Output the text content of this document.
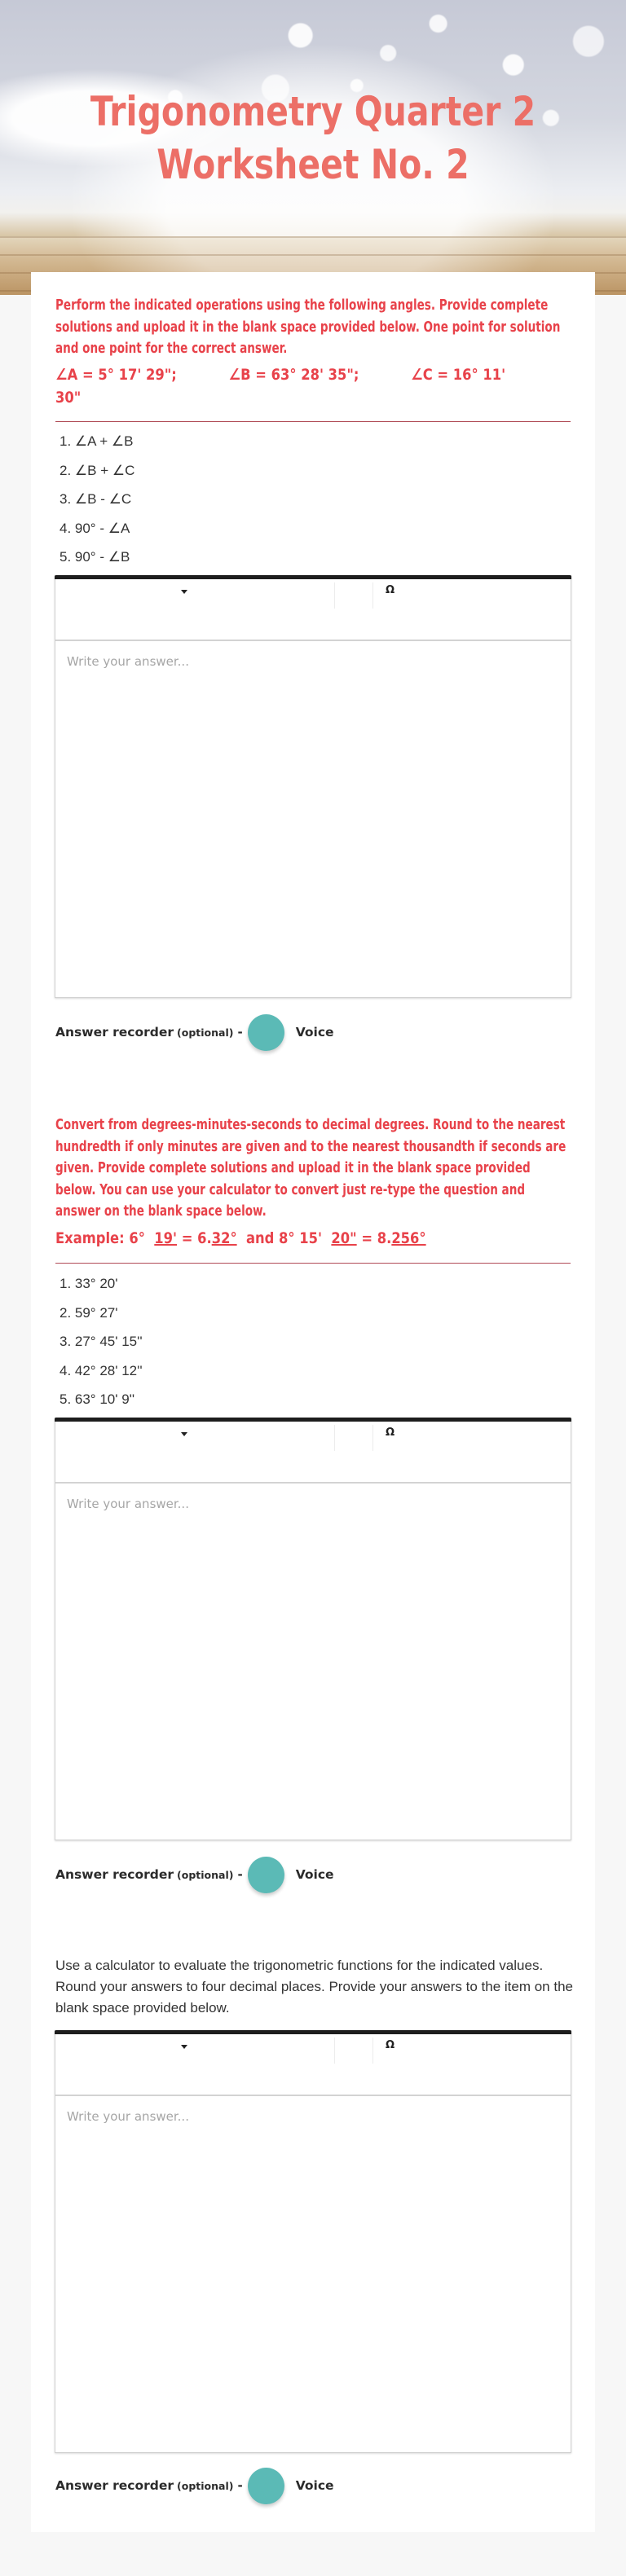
Trigonometry Quarter 2
Worksheet No. 2
Perform the indicated operations using the following angles. Provide complete solutions and upload it in the blank space provided below. One point for solution and one point for the correct answer.
∠A = 5° 17' 29";	∠B = 63° 28' 35";	∠C = 16° 11'
30"
1. ∠A + ∠B
2. ∠B + ∠C
3. ∠B - ∠C
4. 90° - ∠A
5. 90° - ∠B
Ω
Write your answer...
Answer recorder (optional) -	Voice
Convert from degrees-minutes-seconds to decimal degrees. Round to the nearest hundredth if only minutes are given and to the nearest thousandth if seconds are given. Provide complete solutions and upload it in the blank space provided below. You can use your calculator to convert just re-type the question and answer on the blank space below.
Example: 6° 19' = 6.32° and 8° 15' 20" = 8.256°
1. 33° 20'
2. 59° 27'
3. 27° 45' 15''
4. 42° 28' 12''
5. 63° 10' 9''
Ω
Write your answer...
Answer recorder (optional) -	Voice
Use a calculator to evaluate the trigonometric functions for the indicated values. Round your answers to four decimal places. Provide your answers to the item on the blank space provided below.
Ω
Write your answer...
Answer recorder (optional) -	Voice
